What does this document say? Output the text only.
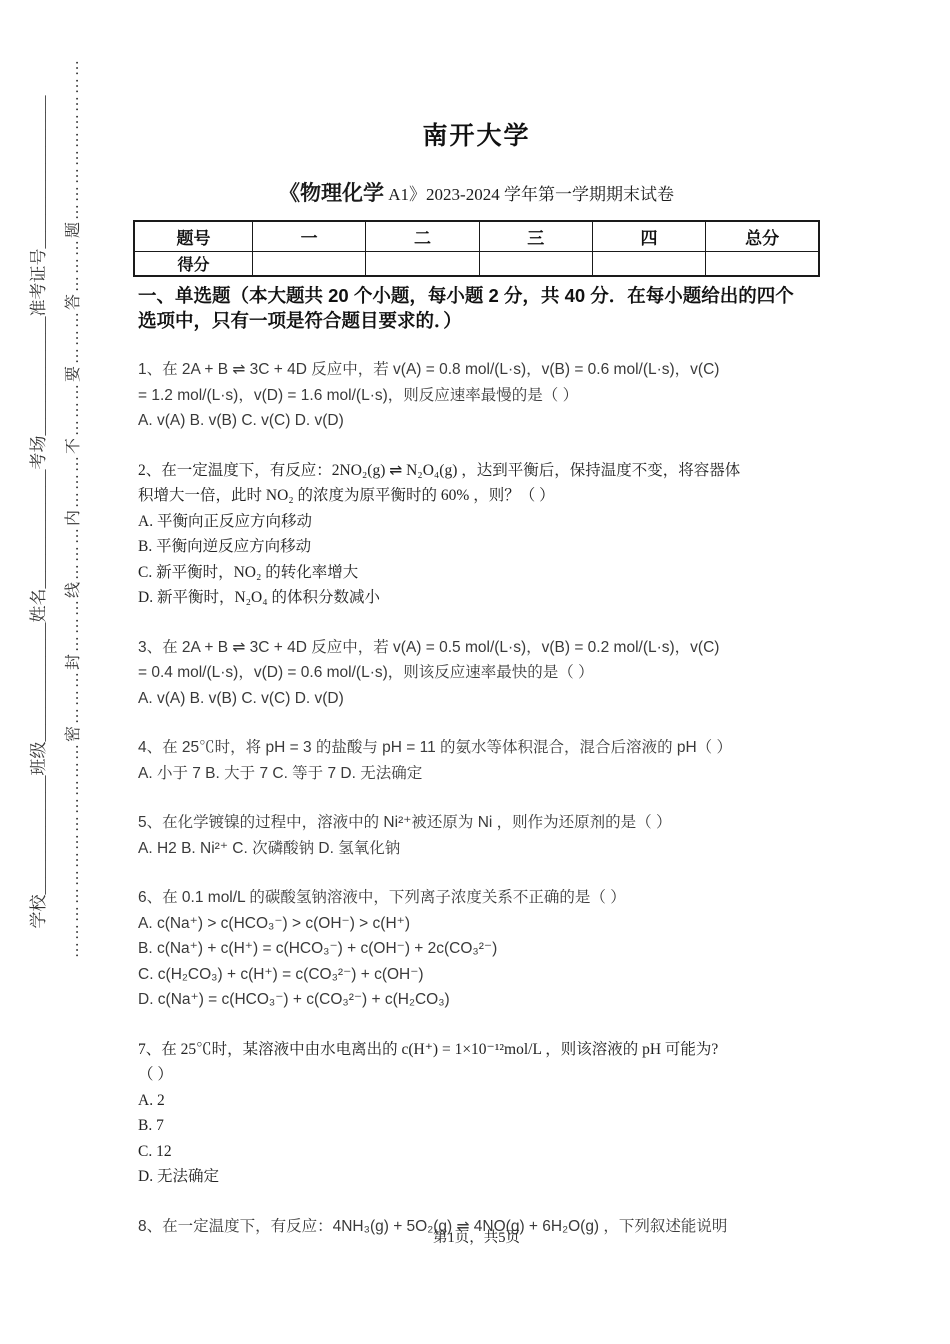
学校______________班级______________姓名______________考场______________准考证号__________________	………………………………密………封………线………内………不………要………答………题………………………	南开大学
《物理化学 A1》2023-2024 学年第一学期期末试卷
题号	一	二	三	四	总分
得分					
一、单选题（本大题共 20 个小题，每小题 2 分，共 40 分．在每小题给出的四个
选项中，只有一项是符合题目要求的．）
1、在 2A + B ⇌ 3C + 4D 反应中，若 v(A) = 0.8 mol/(L·s)，v(B) = 0.6 mol/(L·s)，v(C)
= 1.2 mol/(L·s)，v(D) = 1.6 mol/(L·s)，则反应速率最慢的是（ ）
A. v(A) B. v(B) C. v(C) D. v(D)
2、在一定温度下，有反应：2NO₂(g) ⇌ N₂O₄(g) ，达到平衡后，保持温度不变，将容器体
积增大一倍，此时 NO₂ 的浓度为原平衡时的 60% ，则？（ ）
A. 平衡向正反应方向移动
B. 平衡向逆反应方向移动
C. 新平衡时，NO₂ 的转化率增大
D. 新平衡时，N₂O₄ 的体积分数减小
3、在 2A + B ⇌ 3C + 4D 反应中，若 v(A) = 0.5 mol/(L·s)，v(B) = 0.2 mol/(L·s)，v(C)
= 0.4 mol/(L·s)，v(D) = 0.6 mol/(L·s)，则该反应速率最快的是（ ）
A. v(A) B. v(B) C. v(C) D. v(D)
4、在 25℃时，将 pH = 3 的盐酸与 pH = 11 的氨水等体积混合，混合后溶液的 pH（ ）
A. 小于 7 B. 大于 7 C. 等于 7 D. 无法确定
5、在化学镀镍的过程中，溶液中的 Ni²⁺被还原为 Ni ，则作为还原剂的是（ ）
A. H2 B. Ni²⁺ C. 次磷酸钠 D. 氢氧化钠
6、在 0.1 mol/L 的碳酸氢钠溶液中，下列离子浓度关系不正确的是（ ）
A. c(Na⁺) > c(HCO₃⁻) > c(OH⁻) > c(H⁺)
B. c(Na⁺) + c(H⁺) = c(HCO₃⁻) + c(OH⁻) + 2c(CO₃²⁻)
C. c(H₂CO₃) + c(H⁺) = c(CO₃²⁻) + c(OH⁻)
D. c(Na⁺) = c(HCO₃⁻) + c(CO₃²⁻) + c(H₂CO₃)
7、在 25℃时，某溶液中由水电离出的 c(H⁺) = 1×10⁻¹²mol/L ，则该溶液的 pH 可能为?
（ ）
A. 2
B. 7
C. 12
D. 无法确定
8、在一定温度下，有反应：4NH₃(g) + 5O₂(g) ⇌ 4NO(g) + 6H₂O(g) ，下列叙述能说明
第1页，共5页
